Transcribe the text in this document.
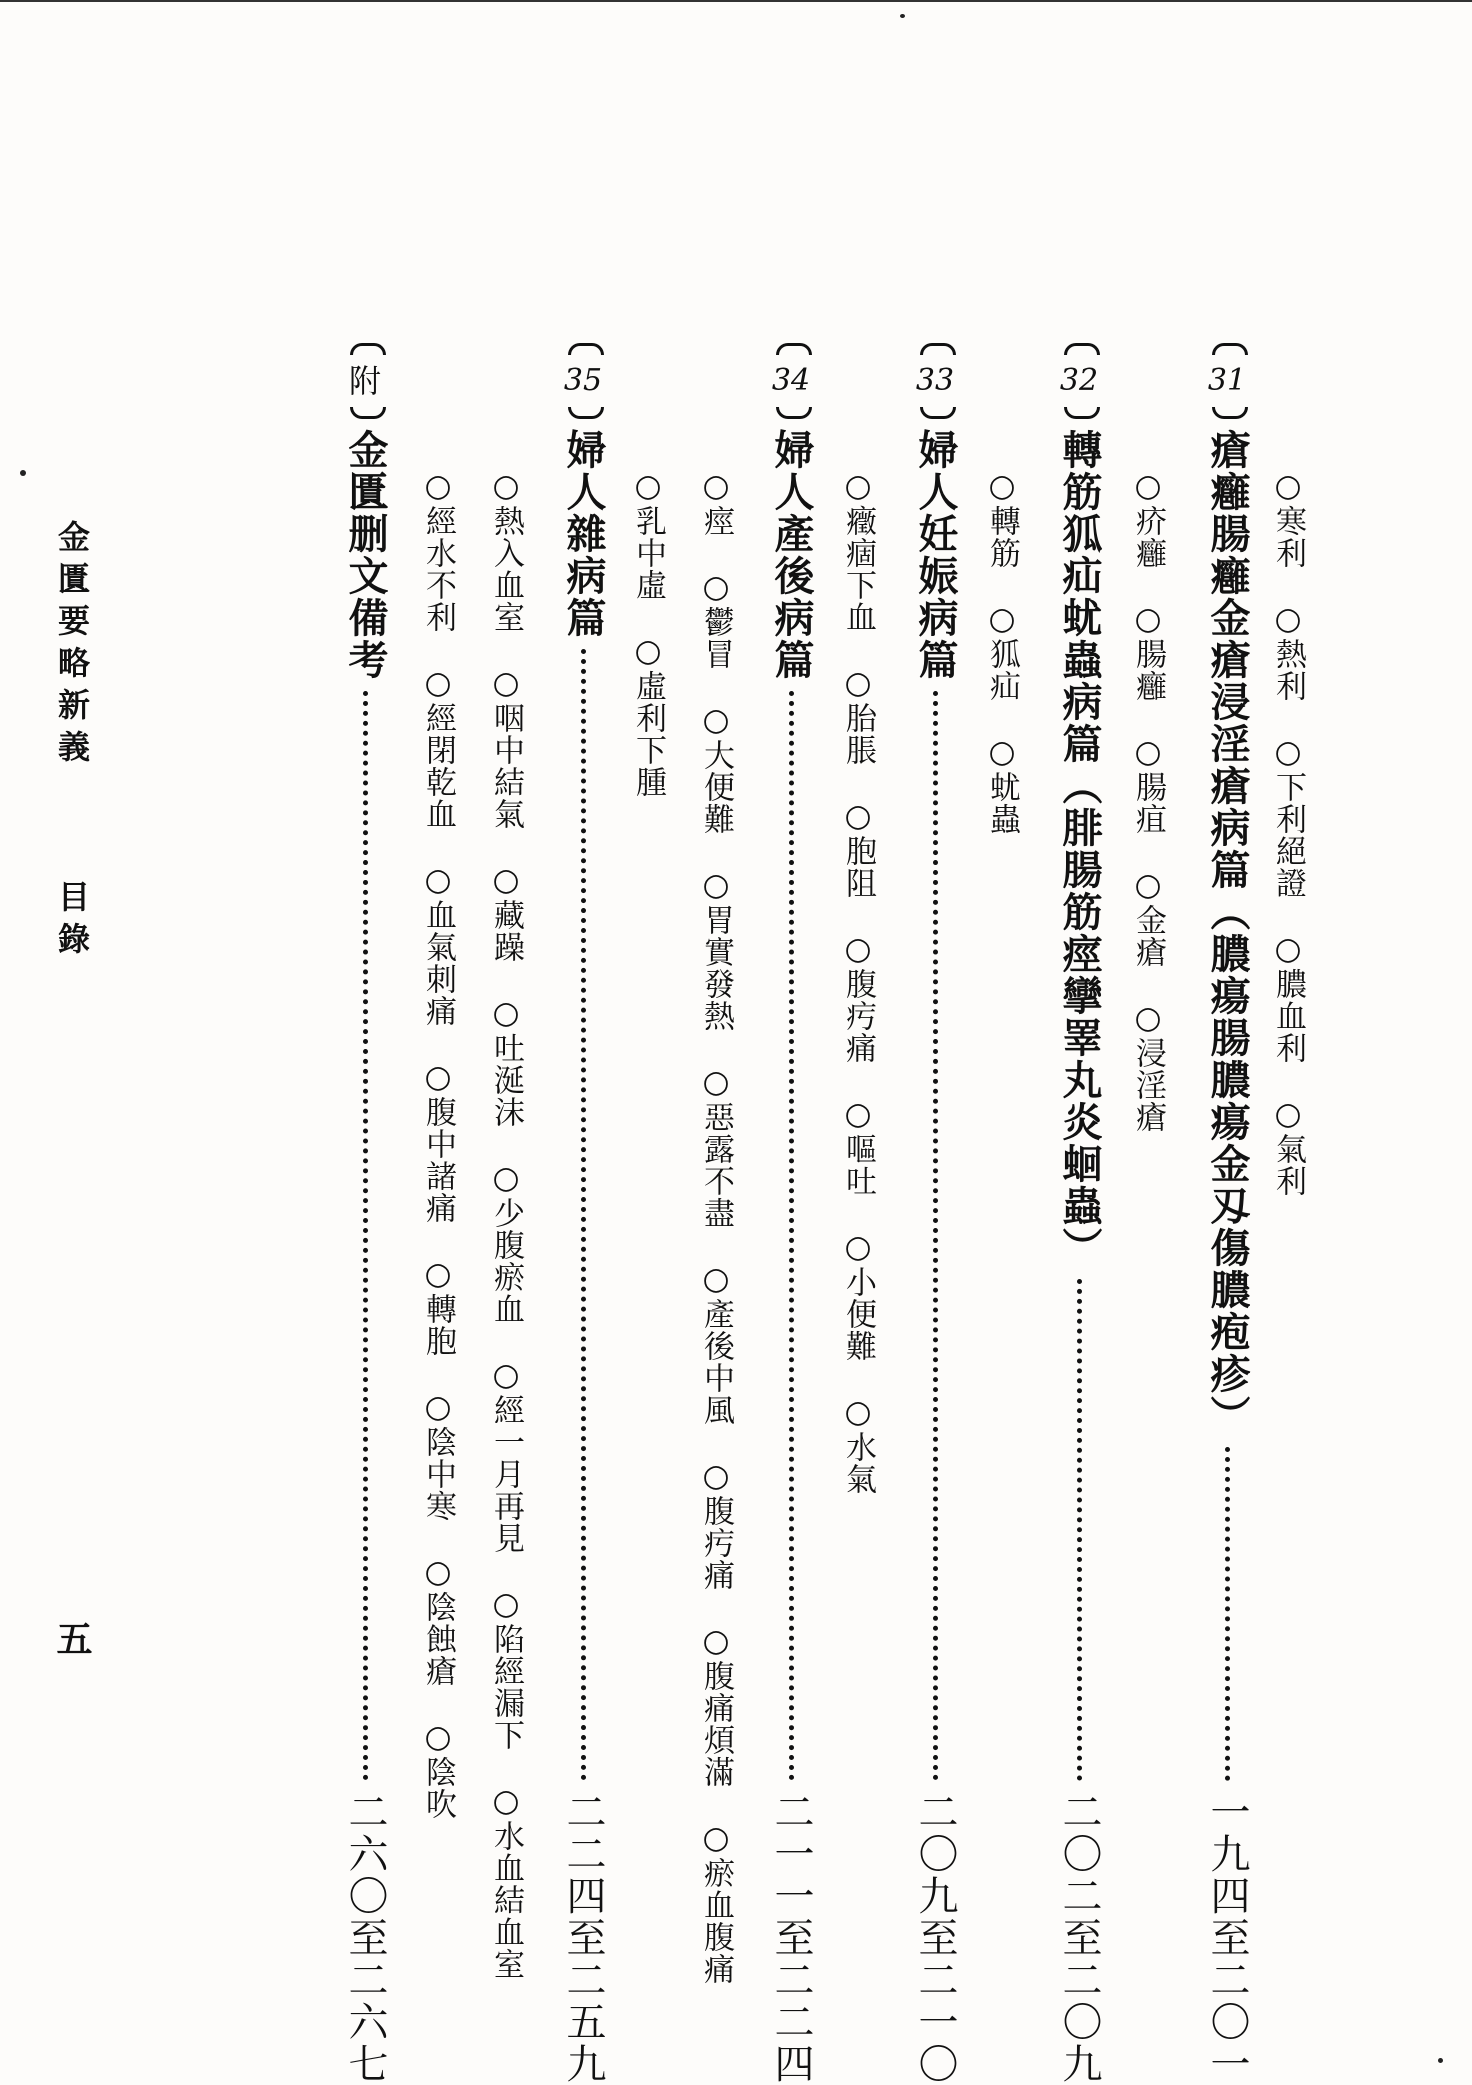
金匱要略新義
目錄
五
○寒利　○熱利　○下利絕證　○膿血利　○氣利
31
瘡癰腸癰金瘡浸淫瘡病篇（膿瘍腸膿瘍金刄傷膿疱疹）
一九四至二〇一
○疥癰　○腸癰　○腸疽　○金瘡　○浸淫瘡
32
轉筋狐疝蚘蟲病篇（腓腸筋痙攣睪丸炎蛔蟲）
二〇二至二〇九
○轉筋　○狐疝　○蚘蟲
33
婦人妊娠病篇
二〇九至二一〇
○癥痼下血　○胎脹　○胞阻　○腹㽲痛　○嘔吐　○小便難　○水氣
34
婦人產後病篇
二一一至二二四
○痙　○鬱冒　○大便難　○胃實發熱　○惡露不盡　○產後中風　○腹㽲痛　○腹痛煩滿　○瘀血腹痛
○乳中虛　○虛利下腫
35
婦人雜病篇
二二四至二五九
○熱入血室　○咽中結氣　○藏躁　○吐涎沫　○少腹瘀血　○經一月再見　○陷經漏下　○水血結血室
○經水不利　○經閉乾血　○血氣刺痛　○腹中諸痛　○轉胞　○陰中寒　○陰蝕瘡　○陰吹
附
金匱删文備考
二六〇至二六七
